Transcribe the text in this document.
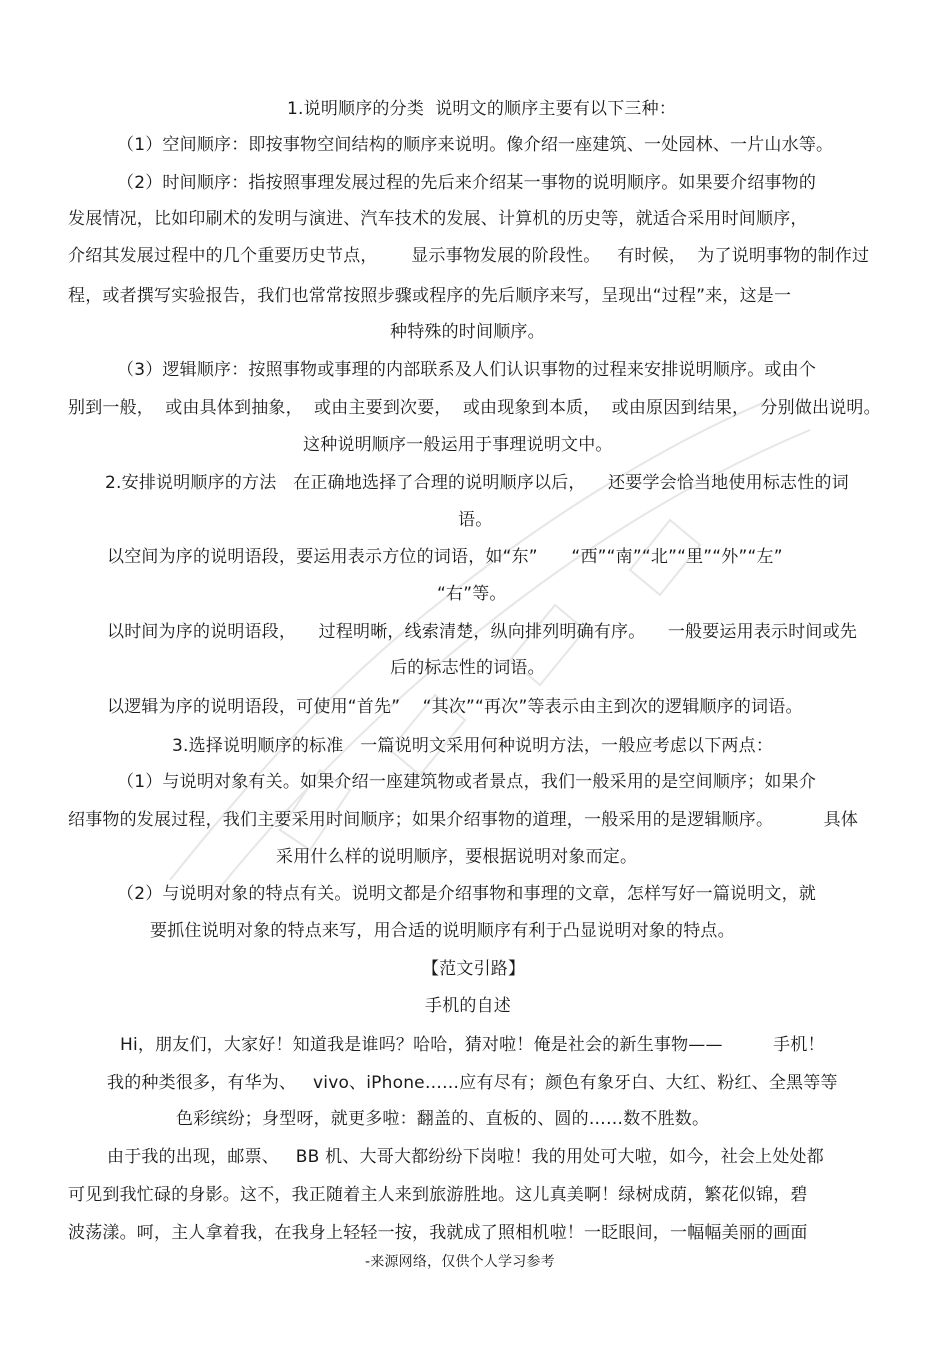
1.说明顺序的分类  说明文的顺序主要有以下三种：
（1）空间顺序：即按事物空间结构的顺序来说明。像介绍一座建筑、一处园林、一片山水等。
（2）时间顺序：指按照事理发展过程的先后来介绍某一事物的说明顺序。如果要介绍事物的
发展情况，比如印刷术的发明与演进、汽车技术的发展、计算机的历史等，就适合采用时间顺序，
介绍其发展过程中的几个重要历史节点，      显示事物发展的阶段性。   有时候，  为了说明事物的制作过
程，或者撰写实验报告，我们也常常按照步骤或程序的先后顺序来写，呈现出“过程”来，这是一
种特殊的时间顺序。
（3）逻辑顺序：按照事物或事理的内部联系及人们认识事物的过程来安排说明顺序。或由个
别到一般，  或由具体到抽象，  或由主要到次要，  或由现象到本质，  或由原因到结果，  分别做出说明。
这种说明顺序一般运用于事理说明文中。
2.安排说明顺序的方法   在正确地选择了合理的说明顺序以后，    还要学会恰当地使用标志性的词
语。
以空间为序的说明语段，要运用表示方位的词语，如“东”      “西”“南”“北”“里”“外”“左”
“右”等。
以时间为序的说明语段，    过程明晰，线索清楚，纵向排列明确有序。    一般要运用表示时间或先
后的标志性的词语。
以逻辑为序的说明语段，可使用“首先”    “其次”“再次”等表示由主到次的逻辑顺序的词语。
3.选择说明顺序的标准   一篇说明文采用何种说明方法，一般应考虑以下两点：
（1）与说明对象有关。如果介绍一座建筑物或者景点，我们一般采用的是空间顺序；如果介
绍事物的发展过程，我们主要采用时间顺序；如果介绍事物的道理，一般采用的是逻辑顺序。         具体
采用什么样的说明顺序，要根据说明对象而定。
（2）与说明对象的特点有关。说明文都是介绍事物和事理的文章，怎样写好一篇说明文，就
要抓住说明对象的特点来写，用合适的说明顺序有利于凸显说明对象的特点。
【范文引路】
手机的自述
Hi，朋友们，大家好！知道我是谁吗？哈哈，猜对啦！俺是社会的新生事物——         手机！
我的种类很多，有华为、   vivo、iPhone……应有尽有；颜色有象牙白、大红、粉红、全黑等等
色彩缤纷；身型呀，就更多啦：翻盖的、直板的、圆的……数不胜数。
由于我的出现，邮票、   BB 机、大哥大都纷纷下岗啦！我的用处可大啦，如今，社会上处处都
可见到我忙碌的身影。这不，我正随着主人来到旅游胜地。这儿真美啊！绿树成荫，繁花似锦，碧
波荡漾。呵，主人拿着我，在我身上轻轻一按，我就成了照相机啦！一眨眼间，一幅幅美丽的画面
-来源网络，仅供个人学习参考
